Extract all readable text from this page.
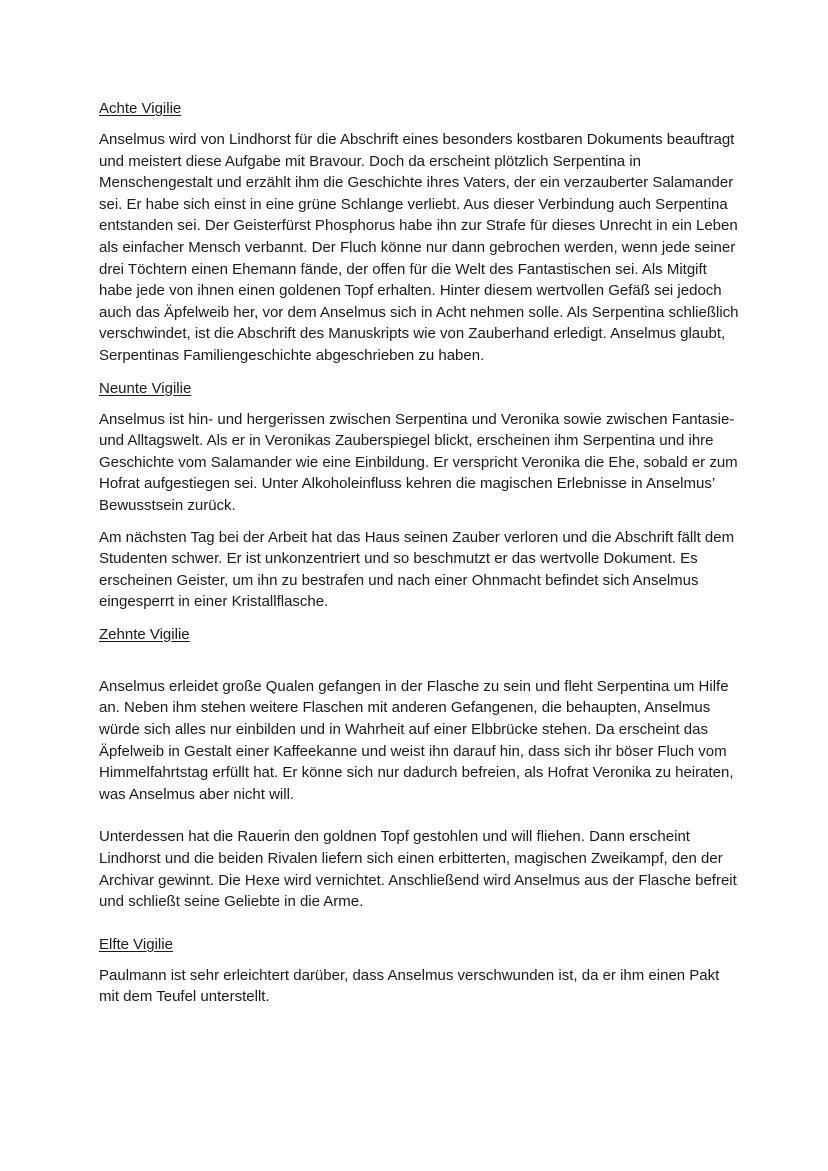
Achte Vigilie

Anselmus wird von Lindhorst für die Abschrift eines besonders kostbaren Dokuments beauftragt und meistert diese Aufgabe mit Bravour. Doch da erscheint plötzlich Serpentina in Menschengestalt und erzählt ihm die Geschichte ihres Vaters, der ein verzauberter Salamander sei. Er habe sich einst in eine grüne Schlange verliebt. Aus dieser Verbindung auch Serpentina entstanden sei. Der Geisterfürst Phosphorus habe ihn zur Strafe für dieses Unrecht in ein Leben als einfacher Mensch verbannt. Der Fluch könne nur dann gebrochen werden, wenn jede seiner drei Töchtern einen Ehemann fände, der offen für die Welt des Fantastischen sei. Als Mitgift habe jede von ihnen einen goldenen Topf erhalten. Hinter diesem wertvollen Gefäß sei jedoch auch das Äpfelweib her, vor dem Anselmus sich in Acht nehmen solle. Als Serpentina schließlich verschwindet, ist die Abschrift des Manuskripts wie von Zauberhand erledigt. Anselmus glaubt, Serpentinas Familiengeschichte abgeschrieben zu haben.

Neunte Vigilie

Anselmus ist hin- und hergerissen zwischen Serpentina und Veronika sowie zwischen Fantasie- und Alltagswelt. Als er in Veronikas Zauberspiegel blickt, erscheinen ihm Serpentina und ihre Geschichte vom Salamander wie eine Einbildung. Er verspricht Veronika die Ehe, sobald er zum Hofrat aufgestiegen sei. Unter Alkoholeinfluss kehren die magischen Erlebnisse in Anselmus’ Bewusstsein zurück.

Am nächsten Tag bei der Arbeit hat das Haus seinen Zauber verloren und die Abschrift fällt dem Studenten schwer. Er ist unkonzentriert und so beschmutzt er das wertvolle Dokument. Es erscheinen Geister, um ihn zu bestrafen und nach einer Ohnmacht befindet sich Anselmus eingesperrt in einer Kristallflasche.

Zehnte Vigilie

Anselmus erleidet große Qualen gefangen in der Flasche zu sein und fleht Serpentina um Hilfe an. Neben ihm stehen weitere Flaschen mit anderen Gefangenen, die behaupten, Anselmus würde sich alles nur einbilden und in Wahrheit auf einer Elbbrücke stehen. Da erscheint das Äpfelweib in Gestalt einer Kaffeekanne und weist ihn darauf hin, dass sich ihr böser Fluch vom Himmelfahrtstag erfüllt hat. Er könne sich nur dadurch befreien, als Hofrat Veronika zu heiraten, was Anselmus aber nicht will.

Unterdessen hat die Rauerin den goldnen Topf gestohlen und will fliehen. Dann erscheint Lindhorst und die beiden Rivalen liefern sich einen erbitterten, magischen Zweikampf, den der Archivar gewinnt. Die Hexe wird vernichtet. Anschließend wird Anselmus aus der Flasche befreit und schließt seine Geliebte in die Arme.

Elfte Vigilie

Paulmann ist sehr erleichtert darüber, dass Anselmus verschwunden ist, da er ihm einen Pakt mit dem Teufel unterstellt.
